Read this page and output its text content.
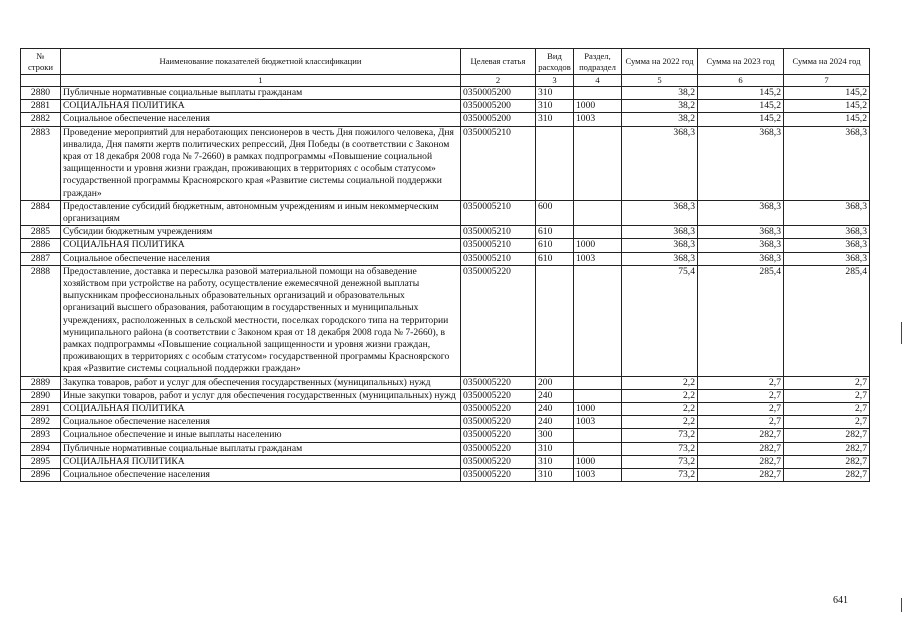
№ строки	Наименование показателей бюджетной классификации	Целевая статья	Вид расходов	Раздел, подраздел	Сумма на 2022 год	Сумма на 2023 год	Сумма на 2024 год
	1	2	3	4	5	6	7
2880	Публичные нормативные социальные выплаты гражданам	0350005200	310		38,2	145,2	145,2
2881	СОЦИАЛЬНАЯ ПОЛИТИКА	0350005200	310	1000	38,2	145,2	145,2
2882	Социальное обеспечение населения	0350005200	310	1003	38,2	145,2	145,2
2883	Проведение мероприятий для неработающих пенсионеров в честь Дня пожилого человека, Дня инвалида, Дня памяти жертв политических репрессий, Дня Победы (в соответствии с Законом края от 18 декабря 2008 года № 7-2660) в рамках подпрограммы «Повышение социальной защищенности и уровня жизни граждан, проживающих в территориях с особым статусом» государственной программы Красноярского края «Развитие системы социальной поддержки граждан»	0350005210			368,3	368,3	368,3
2884	Предоставление субсидий бюджетным, автономным учреждениям и иным некоммерческим организациям	0350005210	600		368,3	368,3	368,3
2885	Субсидии бюджетным учреждениям	0350005210	610		368,3	368,3	368,3
2886	СОЦИАЛЬНАЯ ПОЛИТИКА	0350005210	610	1000	368,3	368,3	368,3
2887	Социальное обеспечение населения	0350005210	610	1003	368,3	368,3	368,3
2888	Предоставление, доставка и пересылка разовой материальной помощи на обзаведение хозяйством при устройстве на работу, осуществление ежемесячной денежной выплаты выпускникам профессиональных образовательных организаций и образовательных организаций высшего образования, работающим в государственных и муниципальных учреждениях, расположенных в сельской местности, поселках городского типа на территории муниципального района (в соответствии с Законом края от 18 декабря 2008 года № 7-2660), в рамках подпрограммы «Повышение социальной защищенности и уровня жизни граждан, проживающих в территориях с особым статусом» государственной программы Красноярского края «Развитие системы социальной поддержки граждан»	0350005220			75,4	285,4	285,4
2889	Закупка товаров, работ и услуг для обеспечения государственных (муниципальных) нужд	0350005220	200		2,2	2,7	2,7
2890	Иные закупки товаров, работ и услуг для обеспечения государственных (муниципальных) нужд	0350005220	240		2,2	2,7	2,7
2891	СОЦИАЛЬНАЯ ПОЛИТИКА	0350005220	240	1000	2,2	2,7	2,7
2892	Социальное обеспечение населения	0350005220	240	1003	2,2	2,7	2,7
2893	Социальное обеспечение и иные выплаты населению	0350005220	300		73,2	282,7	282,7
2894	Публичные нормативные социальные выплаты гражданам	0350005220	310		73,2	282,7	282,7
2895	СОЦИАЛЬНАЯ ПОЛИТИКА	0350005220	310	1000	73,2	282,7	282,7
2896	Социальное обеспечение населения	0350005220	310	1003	73,2	282,7	282,7
641
